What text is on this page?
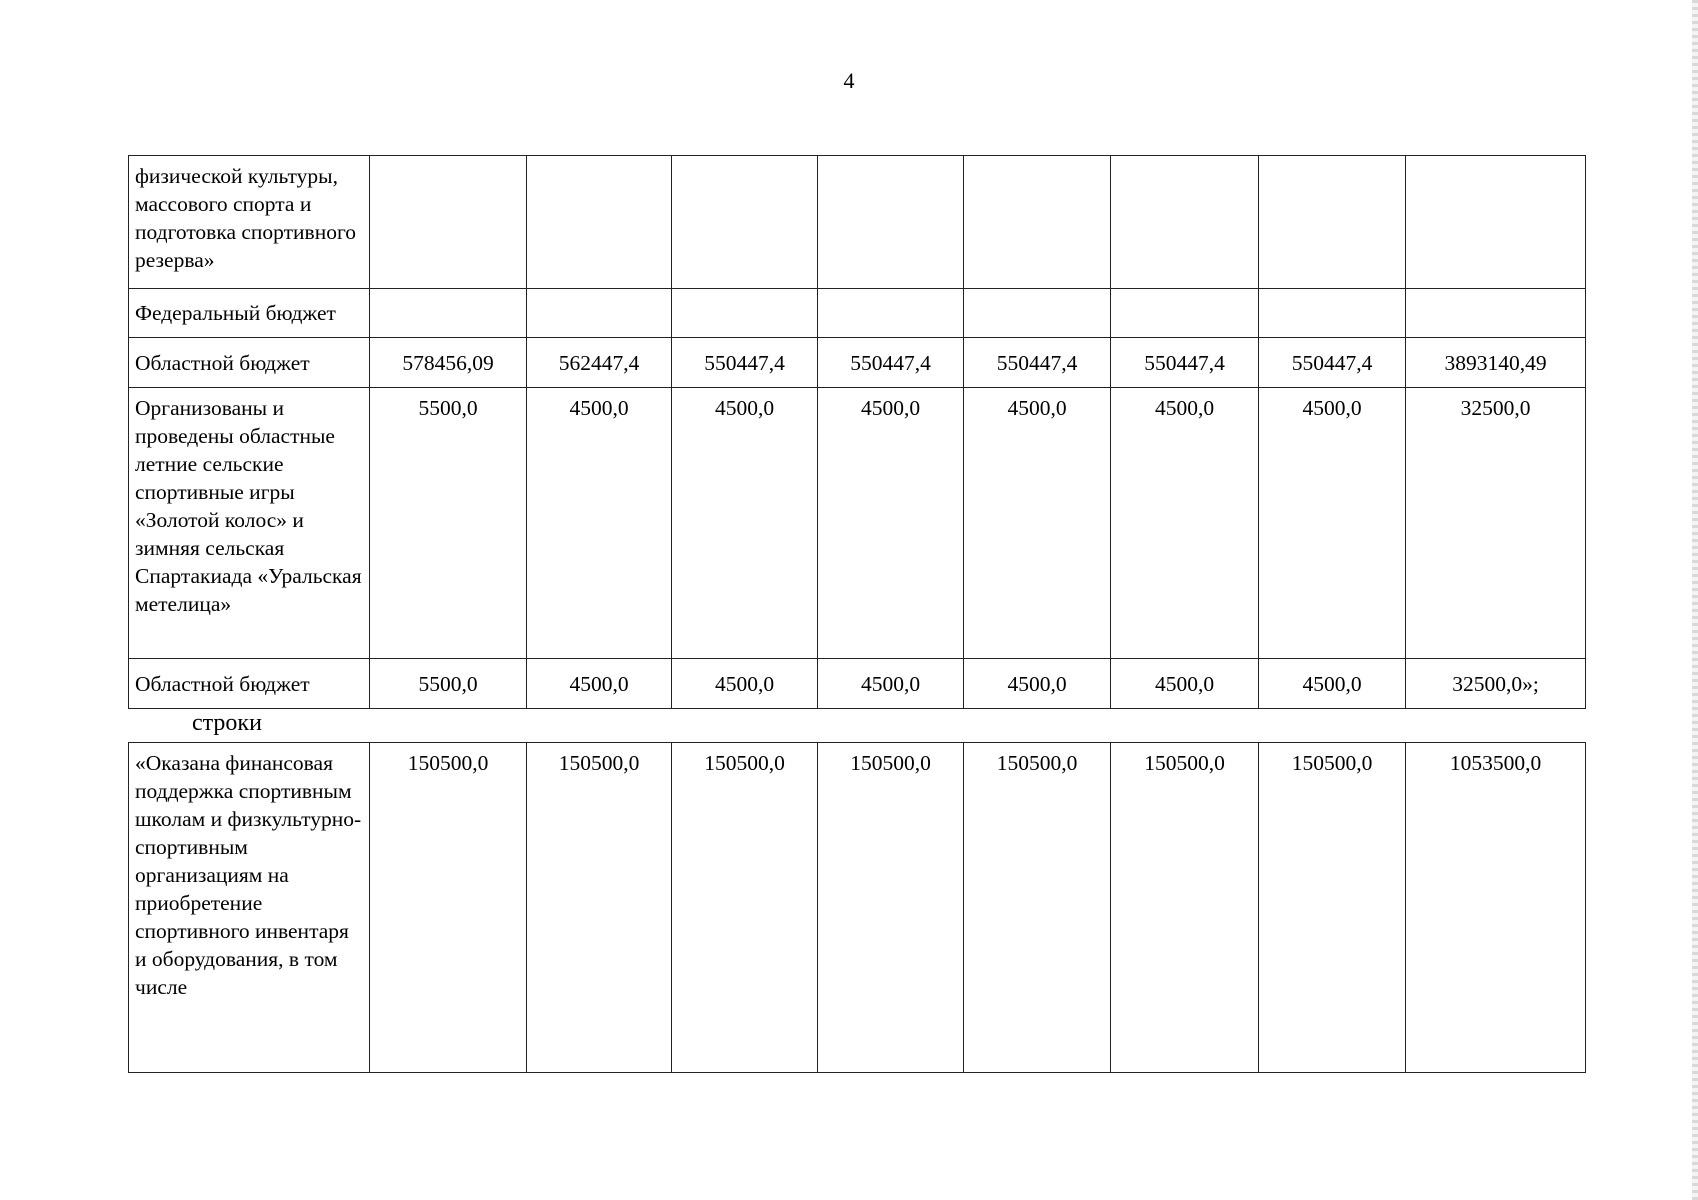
4
физической культуры, массового спорта и подготовка спортивного резерва»								
Федеральный бюджет								
Областной бюджет	578456,09	562447,4	550447,4	550447,4	550447,4	550447,4	550447,4	3893140,49
Организованы и проведены областные летние сельские спортивные игры «Золотой колос» и зимняя сельская Спартакиада «Уральская метелица»	5500,0	4500,0	4500,0	4500,0	4500,0	4500,0	4500,0	32500,0
Областной бюджет	5500,0	4500,0	4500,0	4500,0	4500,0	4500,0	4500,0	32500,0»;
строки
«Оказана финансовая поддержка спортивным школам и физкультурно-спортивным организациям на приобретение спортивного инвентаря и оборудования, в том числе	150500,0	150500,0	150500,0	150500,0	150500,0	150500,0	150500,0	1053500,0
